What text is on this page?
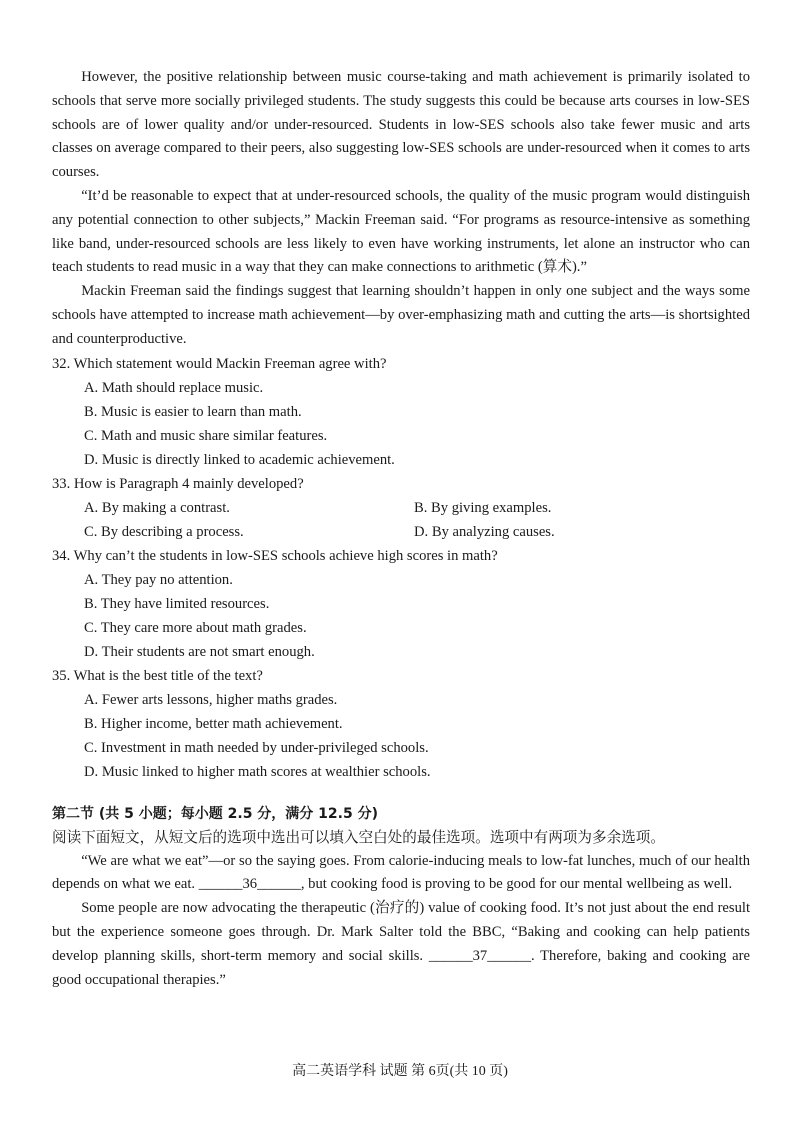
However, the positive relationship between music course-taking and math achievement is primarily isolated to schools that serve more socially privileged students. The study suggests this could be because arts courses in low-SES schools are of lower quality and/or under-resourced. Students in low-SES schools also take fewer music and arts classes on average compared to their peers, also suggesting low-SES schools are under-resourced when it comes to arts courses.

“It’d be reasonable to expect that at under-resourced schools, the quality of the music program would distinguish any potential connection to other subjects,” Mackin Freeman said. “For programs as resource-intensive as something like band, under-resourced schools are less likely to even have working instruments, let alone an instructor who can teach students to read music in a way that they can make connections to arithmetic (算术).”

Mackin Freeman said the findings suggest that learning shouldn’t happen in only one subject and the ways some schools have attempted to increase math achievement—by over-emphasizing math and cutting the arts—is shortsighted and counterproductive.

32. Which statement would Mackin Freeman agree with?

A. Math should replace music.

B. Music is easier to learn than math.

C. Math and music share similar features.

D. Music is directly linked to academic achievement.

33. How is Paragraph 4 mainly developed?

A. By making a contrast.	B. By giving examples.
C. By describing a process.	D. By analyzing causes.

34. Why can’t the students in low-SES schools achieve high scores in math?

A. They pay no attention.

B. They have limited resources.

C. They care more about math grades.

D. Their students are not smart enough.

35. What is the best title of the text?

A. Fewer arts lessons, higher maths grades.

B. Higher income, better math achievement.

C. Investment in math needed by under-privileged schools.

D. Music linked to higher math scores at wealthier schools.

第二节 (共 5 小题；每小题 2.5 分，满分 12.5 分)

阅读下面短文，从短文后的选项中选出可以填入空白处的最佳选项。选项中有两项为多余选项。

“We are what we eat”—or so the saying goes. From calorie-inducing meals to low-fat lunches, much of our health depends on what we eat. ______36______, but cooking food is proving to be good for our mental wellbeing as well.

Some people are now advocating the therapeutic (治疗的) value of cooking food. It’s not just about the end result but the experience someone goes through. Dr. Mark Salter told the BBC, “Baking and cooking can help patients develop planning skills, short-term memory and social skills. ______37______. Therefore, baking and cooking are good occupational therapies.”

高二英语学科 试题 第 6页(共 10 页)
